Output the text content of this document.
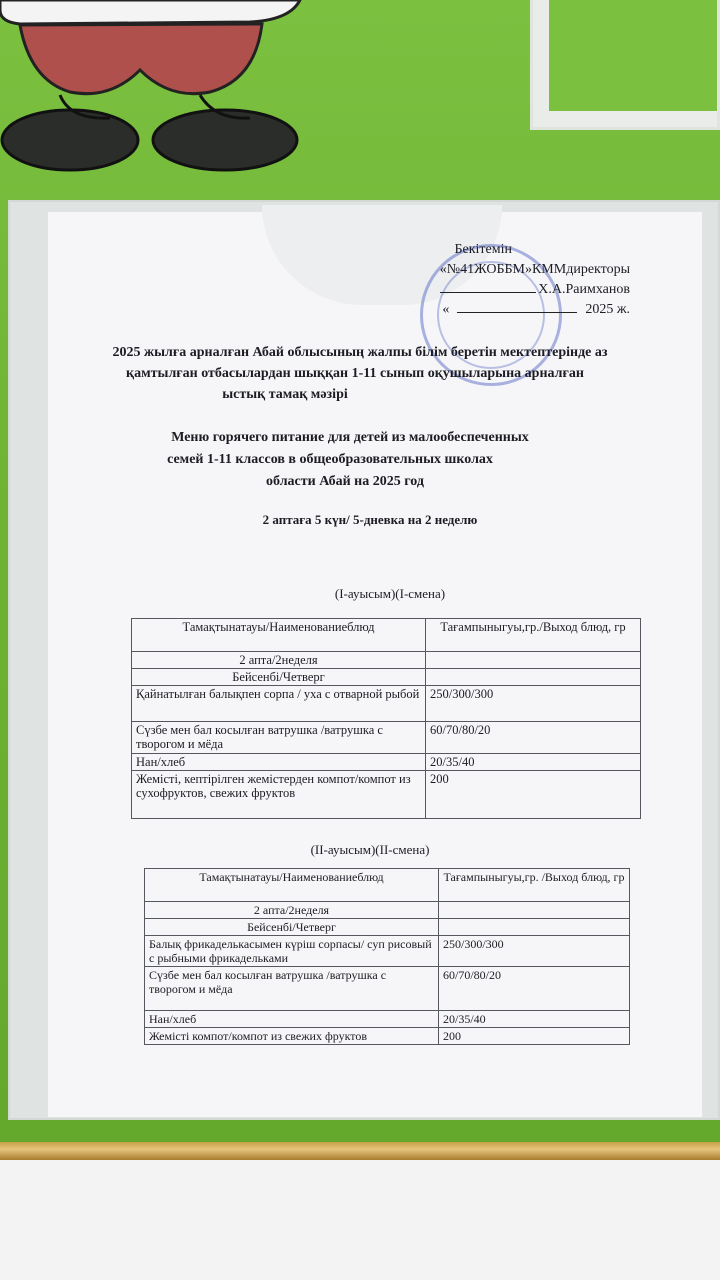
Бекітемін
«№41ЖОББМ»КММдиректоры
Х.А.Раимханов
«	2025 ж.
2025 жылға арналған Абай облысының жалпы білім беретін мектептерінде аз
қамтылған отбасылардан шыққан 1-11 сынып оқушыларына арналған
ыстық тамақ мәзірі
Меню горячего питание для детей из малообеспеченных
семей 1-11 классов в общеобразовательных школах
области Абай на 2025 год
2 аптаға 5 күн/ 5-дневка на 2 неделю
(I-ауысым)(I-смена)
Тамақтынатауы/Наименованиеблюд	Тағампыныгуы,гр./Выход блюд, гр
2 апта/2неделя	
Бейсенбі/Четверг	
Қайнатылған балықпен сорпа / уха с отварной рыбой	250/300/300
Сүзбе мен бал косылған ватрушка /ватрушка с творогом и мёда	60/70/80/20
Нан/хлеб	20/35/40
Жемісті, кептірілген жемістерден компот/компот из сухофруктов, свежих фруктов	200
(II-ауысым)(II-смена)
Тамақтынатауы/Наименованиеблюд	Тағампыныгуы,гр. /Выход блюд, гр
2 апта/2неделя	
Бейсенбі/Четверг	
Балық фрикаделькасымен күріш сорпасы/ суп рисовый с рыбными фрикадельками	250/300/300
Сүзбе мен бал косылған ватрушка /ватрушка с творогом и мёда	60/70/80/20
Нан/хлеб	20/35/40
Жемісті компот/компот из свежих фруктов	200
